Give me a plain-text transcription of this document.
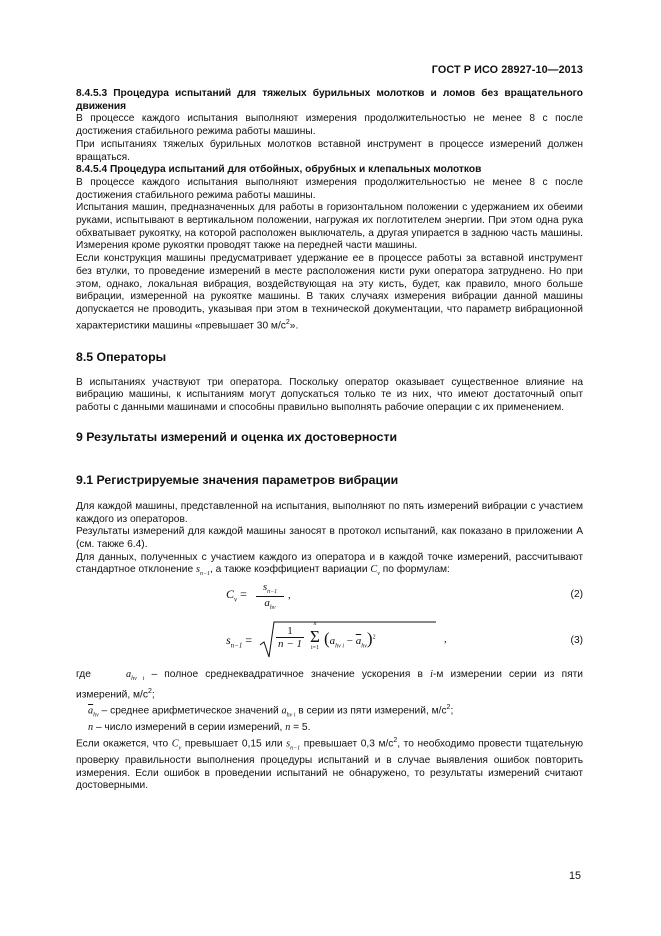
ГОСТ Р ИСО 28927-10—2013

8.4.5.3 Процедура испытаний для тяжелых бурильных молотков и ломов без вращательного движения

В процессе каждого испытания выполняют измерения продолжительностью не менее 8 с после достижения стабильного режима работы машины.

При испытаниях тяжелых бурильных молотков вставной инструмент в процессе измерений должен вращаться.

8.4.5.4 Процедура испытаний для отбойных, обрубных и клепальных молотков

В процессе каждого испытания выполняют измерения продолжительностью не менее 8 с после достижения стабильного режима работы машины.

Испытания машин, предназначенных для работы в горизонтальном положении с удержанием их обеими руками, испытывают в вертикальном положении, нагружая их поглотителем энергии. При этом одна рука обхватывает рукоятку, на которой расположен выключатель, а другая упирается в заднюю часть машины. Измерения кроме рукоятки проводят также на передней части машины.

Если конструкция машины предусматривает удержание ее в процессе работы за вставной инструмент без втулки, то проведение измерений в месте расположения кисти руки оператора затруднено. Но при этом, однако, локальная вибрация, воздействующая на эту кисть, будет, как правило, много больше вибрации, измеренной на рукоятке машины. В таких случаях измерения вибрации данной машины допускается не проводить, указывая при этом в технической документации, что параметр вибрационной характеристики машины «превышает 30 $м/с^2$».

8.5 Операторы

В испытаниях участвуют три оператора. Поскольку оператор оказывает существенное влияние на вибрацию машины, к испытаниям могут допускаться только те из них, что имеют достаточный опыт работы с данными машинами и способны правильно выполнять рабочие операции с их применением.

9 Результаты измерений и оценка их достоверности
9.1 Регистрируемые значения параметров вибрации

Для каждой машины, представленной на испытания, выполняют по пять измерений вибрации с участием каждого из операторов.

Результаты измерений для каждой машины заносят в протокол испытаний, как показано в приложении А (см. также 6.4).

Для данных, полученных с участием каждого из оператора и в каждой точке измерений, рассчитывают стандартное отклонение $s_{n-1}$, а также коэффициент вариации $C_v$ по формулам:

$C_v$ =	$s_{n-1}$
$a_{hv}$
,	(2)
$s_{n-1}$ =
1
n − 1
n
Σ
i=1 $(a_{hv i} - \overline{a}_{hv})^2$	,	(3)

где	$a_{hv i}$ – полное среднеквадратичное значение ускорения в i-м измерении серии из пяти измерений, $м/с^2$;

$\overline{a}_{hv}$ – среднее арифметическое значений $a_{hv i}$ в серии из пяти измерений, $м/с^2$;

n – число измерений в серии измерений, n = 5.

Если окажется, что $C_v$ превышает 0,15 или $s_{n-1}$ превышает 0,3 $м/с^2$, то необходимо провести тщательную проверку правильности выполнения процедуры испытаний и в случае выявления ошибок повторить измерения. Если ошибок в проведении испытаний не обнаружено, то результаты измерений считают достоверными.

15
